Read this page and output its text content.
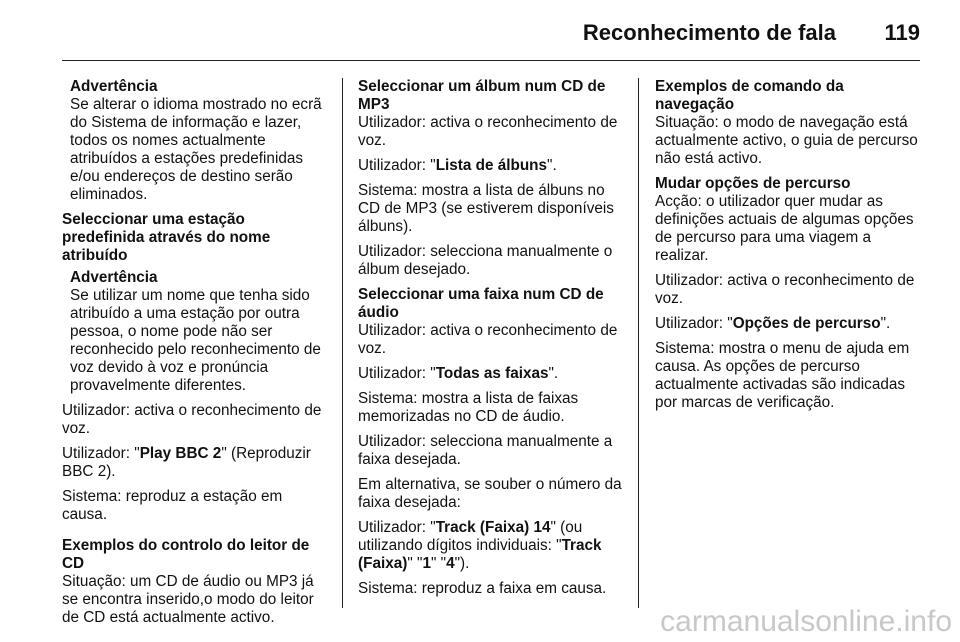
Reconhecimento de fala 119
Advertência
Se alterar o idioma mostrado no ecrã do Sistema de informação e lazer, todos os nomes actualmente atribuídos a estações predefinidas e/ou endereços de destino serão eliminados.
Seleccionar uma estação predefinida através do nome atribuído
Advertência
Se utilizar um nome que tenha sido atribuído a uma estação por outra pessoa, o nome pode não ser reconhecido pelo reconhecimento de voz devido à voz e pronúncia provavelmente diferentes.

Utilizador: activa o reconhecimento de voz.

Utilizador: "Play BBC 2" (Reproduzir BBC 2).

Sistema: reproduz a estação em causa.

Exemplos do controlo do leitor de CD

Situação: um CD de áudio ou MP3 já se encontra inserido,o modo do leitor de CD está actualmente activo.

Seleccionar um álbum num CD de MP3

Utilizador: activa o reconhecimento de voz.

Utilizador: "Lista de álbuns".

Sistema: mostra a lista de álbuns no CD de MP3 (se estiverem disponíveis álbuns).

Utilizador: selecciona manualmente o álbum desejado.

Seleccionar uma faixa num CD de áudio

Utilizador: activa o reconhecimento de voz.

Utilizador: "Todas as faixas".

Sistema: mostra a lista de faixas memorizadas no CD de áudio.

Utilizador: selecciona manualmente a faixa desejada.

Em alternativa, se souber o número da faixa desejada:

Utilizador: "Track (Faixa) 14" (ou utilizando dígitos individuais: "Track (Faixa)" "1" "4").

Sistema: reproduz a faixa em causa.

Exemplos de comando da navegação

Situação: o modo de navegação está actualmente activo, o guia de percurso não está activo.

Mudar opções de percurso

Acção: o utilizador quer mudar as definições actuais de algumas opções de percurso para uma viagem a realizar.

Utilizador: activa o reconhecimento de voz.

Utilizador: "Opções de percurso".

Sistema: mostra o menu de ajuda em causa. As opções de percurso actualmente activadas são indicadas por marcas de verificação.

carmanualsonline.info
